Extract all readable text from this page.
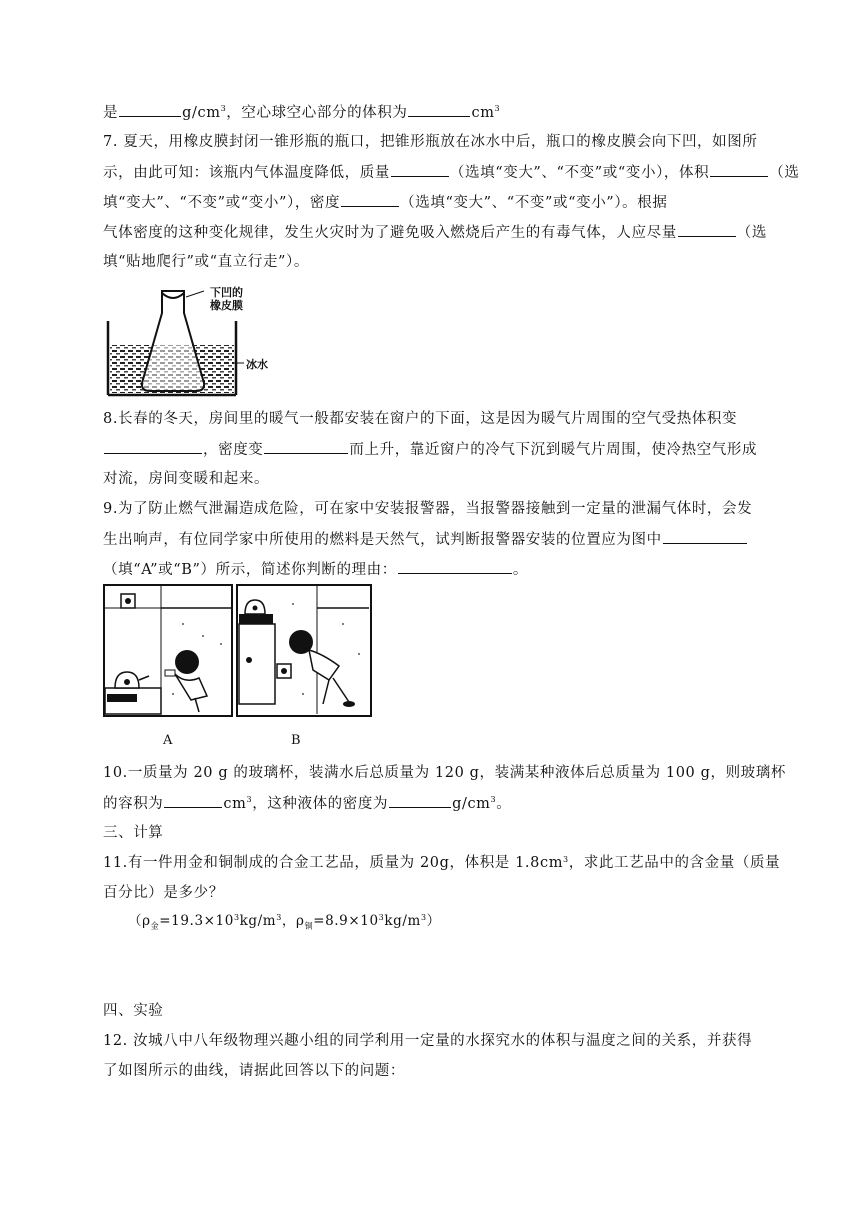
是	$g/cm^3$，空心球空心部分的体积为	$cm^3$
7. 夏天，用橡皮膜封闭一锥形瓶的瓶口，把锥形瓶放在冰水中后，瓶口的橡皮膜会向下凹，如图所
示，由此可知：该瓶内气体温度降低，质量	（选填“变大”、“不变”或“变小），体积	（选
填“变大”、“不变”或“变小”），密度	（选填“变大”、“不变”或“变小”）。根据
气体密度的这种变化规律，发生火灾时为了避免吸入燃烧后产生的有毒气体，人应尽量	（选
填“贴地爬行”或“直立行走”）。
下凹的
橡皮膜
冰水
8.长春的冬天，房间里的暖气一般都安装在窗户的下面，这是因为暖气片周围的空气受热体积变
，密度变	而上升，靠近窗户的冷气下沉到暖气片周围，使冷热空气形成
对流，房间变暖和起来。
9.为了防止燃气泄漏造成危险，可在家中安装报警器，当报警器接触到一定量的泄漏气体时，会发
生出响声，有位同学家中所使用的燃料是天然气，试判断报警器安装的位置应为图中
（填“A”或“B”）所示，简述你判断的理由：	。
A	B
10.一质量为 20 g 的玻璃杯，装满水后总质量为 120 g，装满某种液体后总质量为 100 g，则玻璃杯
的容积为	$cm^3$，这种液体的密度为	$g/cm^3$。
三、计算
11.有一件用金和铜制成的合金工艺品，质量为 20g，体积是 $1.8cm^3$，求此工艺品中的含金量（质量
百分比）是多少？
（$\rho_金=19.3\times 10^3kg/m^3$，$\rho_铜=8.9\times 10^3kg/m^3$）
四、实验
12. 汝城八中八年级物理兴趣小组的同学利用一定量的水探究水的体积与温度之间的关系，并获得
了如图所示的曲线，请据此回答以下的问题：
